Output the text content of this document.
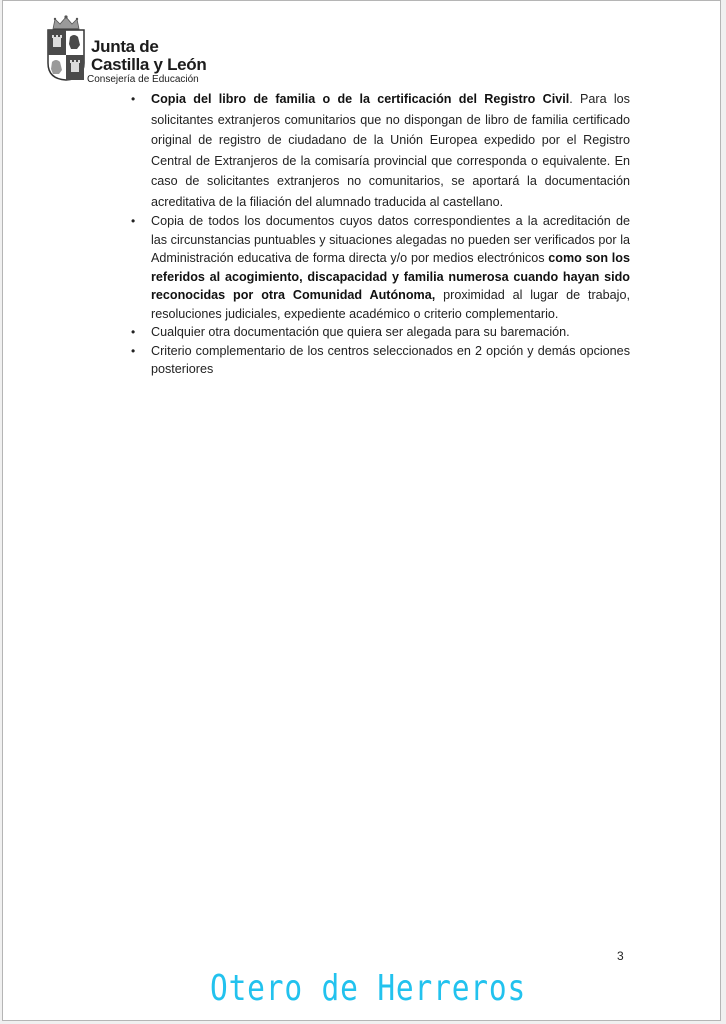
Junta de
Castilla y León
Consejería de Educación
• Copia del libro de familia o de la certificación del Registro Civil. Para los solicitantes extranjeros comunitarios que no dispongan de libro de familia certificado original de registro de ciudadano de la Unión Europea expedido por el Registro Central de Extranjeros de la comisaría provincial que corresponda o equivalente. En caso de solicitantes extranjeros no comunitarios, se aportará la documentación acreditativa de la filiación del alumnado traducida al castellano.
• Copia de todos los documentos cuyos datos correspondientes a la acreditación de las circunstancias puntuables y situaciones alegadas no pueden ser verificados por la Administración educativa de forma directa y/o por medios electrónicos como son los referidos al acogimiento, discapacidad y familia numerosa cuando hayan sido reconocidas por otra Comunidad Autónoma, proximidad al lugar de trabajo, resoluciones judiciales, expediente académico o criterio complementario.
• Cualquier otra documentación que quiera ser alegada para su baremación.
• Criterio complementario de los centros seleccionados en 2 opción y demás opciones posteriores
3
Otero de Herreros
